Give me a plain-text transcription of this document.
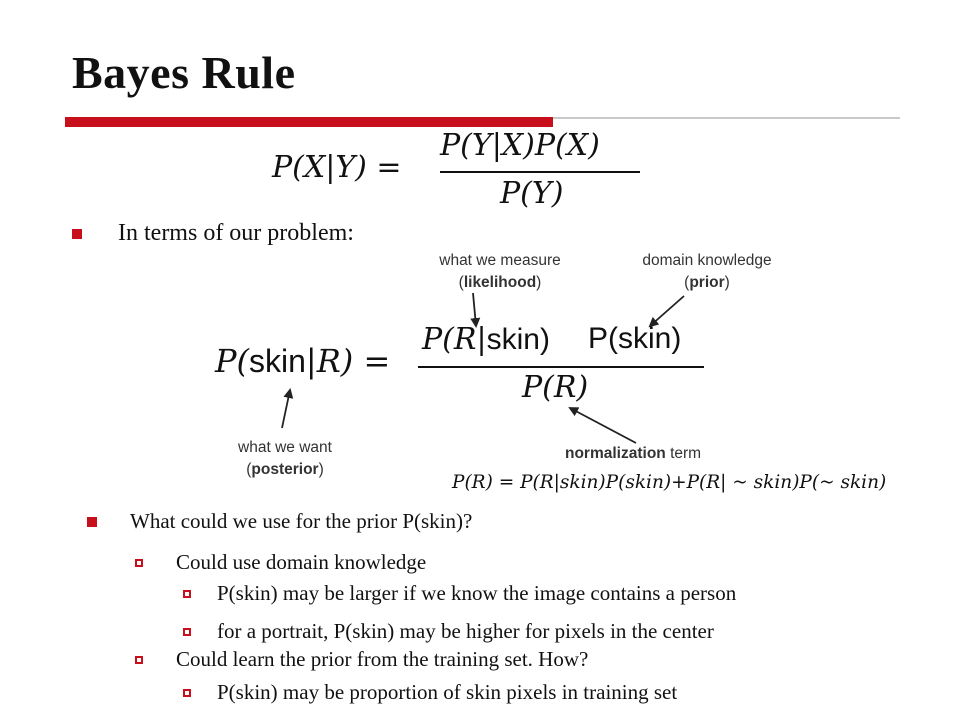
Bayes Rule
P(X|Y) =
P(Y|X)P(X)
P(Y)
In terms of our problem:
what we measure
(likelihood)
domain knowledge
(prior)
P(skin|R) =
P(R|skin) P(skin)
P(R)
what we want
(posterior)
normalization term
P(R) = P(R|skin)P(skin)+P(R| ~ skin)P(~ skin)
What could we use for the prior P(skin)?
Could use domain knowledge
P(skin) may be larger if we know the image contains a person
for a portrait, P(skin) may be higher for pixels in the center
Could learn the prior from the training set. How?
P(skin) may be proportion of skin pixels in training set
